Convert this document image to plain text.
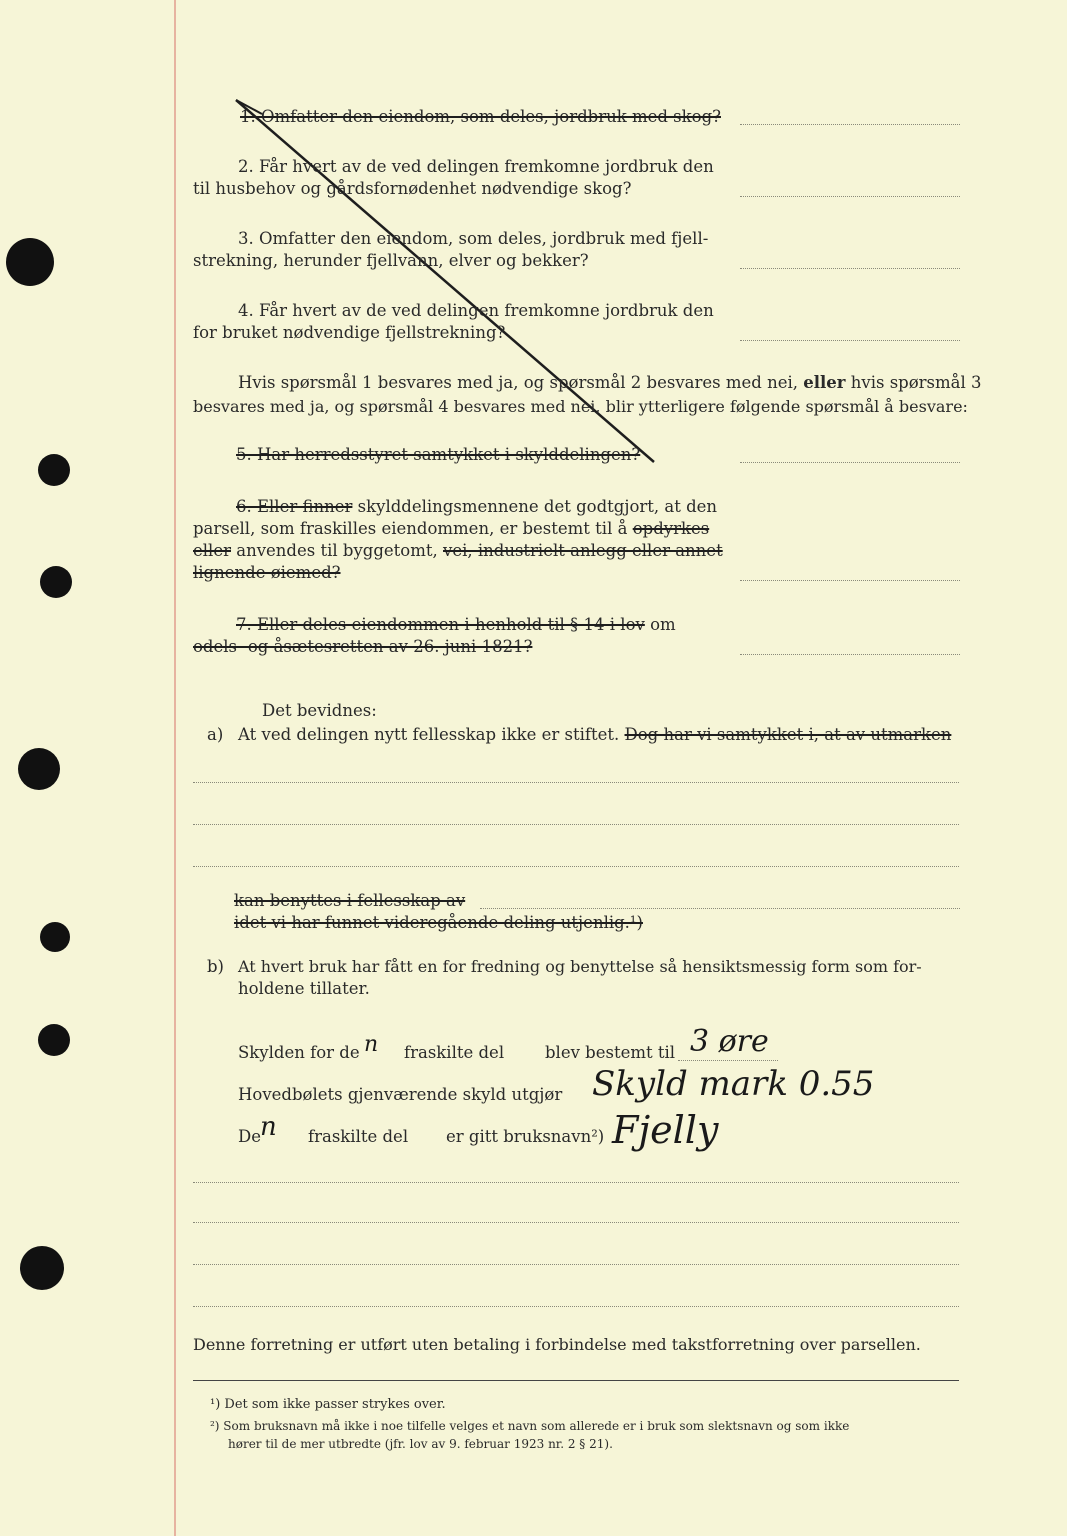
1. Omfatter den eiendom, som deles, jordbruk med skog?
2. Får hvert av de ved delingen fremkomne jordbruk den
til husbehov og gårdsfornødenhet nødvendige skog?
3. Omfatter den eiendom, som deles, jordbruk med fjell-
strekning, herunder fjellvann, elver og bekker?
4. Får hvert av de ved delingen fremkomne jordbruk den
for bruket nødvendige fjellstrekning?
Hvis spørsmål 1 besvares med ja, og spørsmål 2 besvares med nei, eller hvis spørsmål 3
besvares med ja, og spørsmål 4 besvares med nei, blir ytterligere følgende spørsmål å besvare:
5. Har herredsstyret samtykket i skylddelingen?
6. Eller finner skylddelingsmennene det godtgjort, at den
parsell, som fraskilles eiendommen, er bestemt til å opdyrkes
eller anvendes til byggetomt, vei, industrielt anlegg eller annet
lignende øiemed?
7. Eller deles eiendommen i henhold til § 14 i lov om
odels- og åsætesretten av 26. juni 1821?
Det bevidnes:
a) At ved delingen nytt fellesskap ikke er stiftet. Dog har vi samtykket i, at av utmarken
kan benyttes i fellesskap av
idet vi har funnet videregående deling utjenlig.¹)
b) At hvert bruk har fått en for fredning og benyttelse så hensiktsmessig form som for-
holdene tillater.
Skylden for de n fraskilte del blev bestemt til 3 øre
Hovedbølets gjenværende skyld utgjør Skyld mark 0.55
De n fraskilte del er gitt bruksnavn²) Fjelly
Denne forretning er utført uten betaling i forbindelse med takstforretning over parsellen.
¹) Det som ikke passer strykes over.
²) Som bruksnavn må ikke i noe tilfelle velges et navn som allerede er i bruk som slektsnavn og som ikke
hører til de mer utbredte (jfr. lov av 9. februar 1923 nr. 2 § 21).
